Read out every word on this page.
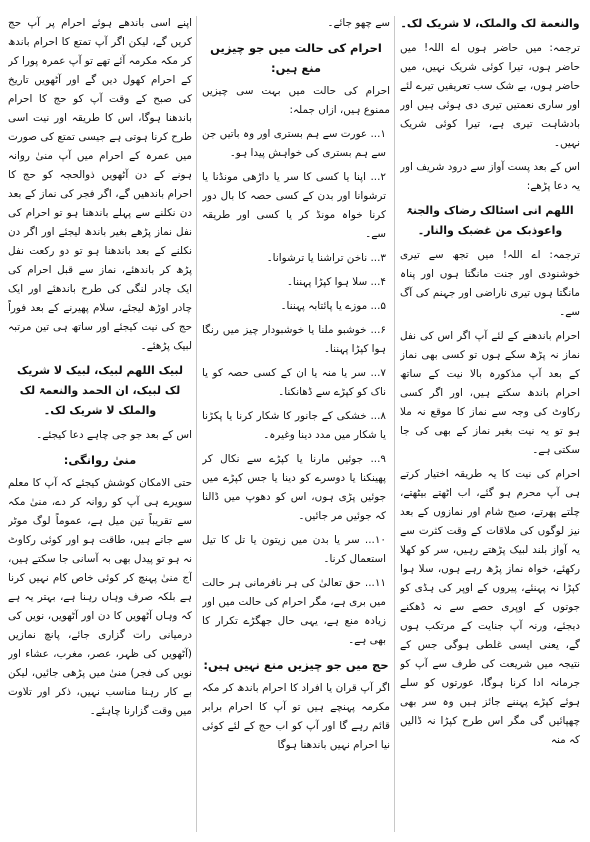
والنعمة لک والملک، لا شریک لک۔
ترجمہ: میں حاضر ہوں اے اللہ! میں حاضر ہوں، تیرا کوئی شریک نہیں، میں حاضر ہوں، بے شک سب تعریفیں تیرے لئے اور ساری نعمتیں تیری دی ہوئی ہیں اور بادشاہت تیری ہے، تیرا کوئی شریک نہیں۔
اس کے بعد پست آواز سے درود شریف اور یہ دعا پڑھے:
اللھم انی اسئالک رضاک والجنۃ واعوذبک من غضبک والنار۔
ترجمہ: اے اللہ! میں تجھ سے تیری خوشنودی اور جنت مانگتا ہوں اور پناہ مانگتا ہوں تیری ناراضی اور جہنم کی آگ سے۔
احرام باندھنے کے لئے آپ اگر اس کی نفل نماز نہ پڑھ سکے ہوں تو کسی بھی نماز کے بعد آپ مذکورہ بالا نیت کے ساتھ احرام باندھ سکتے ہیں، اور اگر کسی رکاوٹ کی وجہ سے نماز کا موقع نہ ملا ہو تو یہ نیت بغیر نماز کے بھی کی جا سکتی ہے۔
احرام کی نیت کا یہ طریقہ اختیار کرتے ہی آپ محرم ہو گئے، اب اٹھتے بیٹھتے، چلتے پھرتے، صبح شام اور نمازوں کے بعد نیز لوگوں کی ملاقات کے وقت کثرت سے یہ آواز بلند لبیک پڑھتے رہیں، سر کو کھلا رکھئے، خواہ نماز پڑھ رہے ہوں، سلا ہوا کپڑا نہ پہنئے، پیروں کے اوپر کی ہڈی کو جوتوں کے اوپری حصے سے نہ ڈھکنے دیجئے، ورنہ آپ جنایت کے مرتکب ہوں گے، یعنی ایسی غلطی ہوگی جس کے نتیجہ میں شریعت کی طرف سے آپ کو جرمانہ ادا کرنا ہوگا، عورتوں کو سلے ہوئے کپڑے پہننے جائز ہیں وہ سر بھی چھپائیں گی مگر اس طرح کپڑا نہ ڈالیں کہ منہ
سے چھو جائے۔
احرام کی حالت میں جو چیزیں منع ہیں:
احرام کی حالت میں بہت سی چیزیں ممنوع ہیں، ازاں جملہ:
۱... عورت سے ہم بستری اور وہ باتیں جن سے ہم بستری کی خواہش پیدا ہو۔
۲... اپنا یا کسی کا سر یا داڑھی مونڈنا یا ترشوانا اور بدن کے کسی حصہ کا بال دور کرنا خواہ مونڈ کر یا کسی اور طریقہ سے۔
۳... ناخن تراشنا یا ترشوانا۔
۴... سلا ہوا کپڑا پہننا۔
۵... موزے یا پائتابہ پہننا۔
۶... خوشبو ملنا یا خوشبودار چیز میں رنگا ہوا کپڑا پہننا۔
۷... سر یا منہ یا ان کے کسی حصہ کو یا ناک کو کپڑے سے ڈھانکنا۔
۸... خشکی کے جانور کا شکار کرنا یا پکڑنا یا شکار میں مدد دینا وغیرہ۔
۹... جوئیں مارنا یا کپڑے سے نکال کر پھینکنا یا دوسرے کو دینا یا جس کپڑے میں جوئیں پڑی ہوں، اس کو دھوپ میں ڈالنا کہ جوئیں مر جائیں۔
۱۰... سر یا بدن میں زیتون یا تل کا تیل استعمال کرنا۔
۱۱... حق تعالیٰ کی ہر نافرمانی ہر حالت میں بری ہے، مگر احرام کی حالت میں اور زیادہ منع ہے، یہی حال جھگڑے تکرار کا بھی ہے۔
حج میں جو چیزیں منع نہیں ہیں:
اگر آپ قران یا افراد کا احرام باندھ کر مکہ مکرمہ پہنچے ہیں تو آپ کا احرام برابر قائم رہے گا اور آپ کو اب حج کے لئے کوئی نیا احرام نہیں باندھنا ہوگا
اپنے اسی باندھے ہوئے احرام پر آپ حج کریں گے، لیکن اگر آپ تمتع کا احرام باندھ کر مکہ مکرمہ آئے تھے تو آپ عمرہ پورا کر کے احرام کھول دیں گے اور آٹھویں تاریخ کی صبح کے وقت آپ کو حج کا احرام باندھنا ہوگا، اس کا طریقہ اور نیت اسی طرح کرنا ہوتی ہے جیسی تمتع کی صورت میں عمرہ کے احرام میں آپ منیٰ روانہ ہونے کے دن آٹھویں ذوالحجہ کو حج کا احرام باندھیں گے، اگر فجر کی نماز کے بعد دن نکلنے سے پہلے باندھنا ہو تو احرام کی نفل نماز پڑھے بغیر باندھ لیجئے اور اگر دن نکلنے کے بعد باندھنا ہو تو دو رکعت نفل پڑھ کر باندھئے، نماز سے قبل احرام کی ایک چادر لنگی کی طرح باندھئے اور ایک چادر اوڑھ لیجئے، سلام پھیرنے کے بعد فوراً حج کی نیت کیجئے اور ساتھ ہی تین مرتبہ لبیک پڑھئے۔
لبیک اللھم لبیک، لبیک لا شریک لک لبیک، ان الحمد والنعمۃ لک والملک لا شریک لک۔
اس کے بعد جو جی چاہے دعا کیجئے۔
منیٰ روانگی:
حتی الامکان کوشش کیجئے کہ آپ کا معلم سویرے ہی آپ کو روانہ کر دے، منیٰ مکہ سے تقریباً تین میل ہے، عموماً لوگ موٹر سے جاتے ہیں، طاقت ہو اور کوئی رکاوٹ نہ ہو تو پیدل بھی بہ آسانی جا سکتے ہیں، آج منیٰ پہنچ کر کوئی خاص کام نہیں کرنا ہے بلکہ صرف وہاں رہنا ہے، بہتر یہ ہے کہ وہاں آٹھویں کا دن اور آٹھویں، نویں کی درمیانی رات گزاری جائے، پانچ نمازیں (آٹھویں کی ظہر، عصر، مغرب، عشاء اور نویں کی فجر) منیٰ میں پڑھی جائیں، لیکن بے کار رہنا مناسب نہیں، ذکر اور تلاوت میں وقت گزارنا چاہئے۔
